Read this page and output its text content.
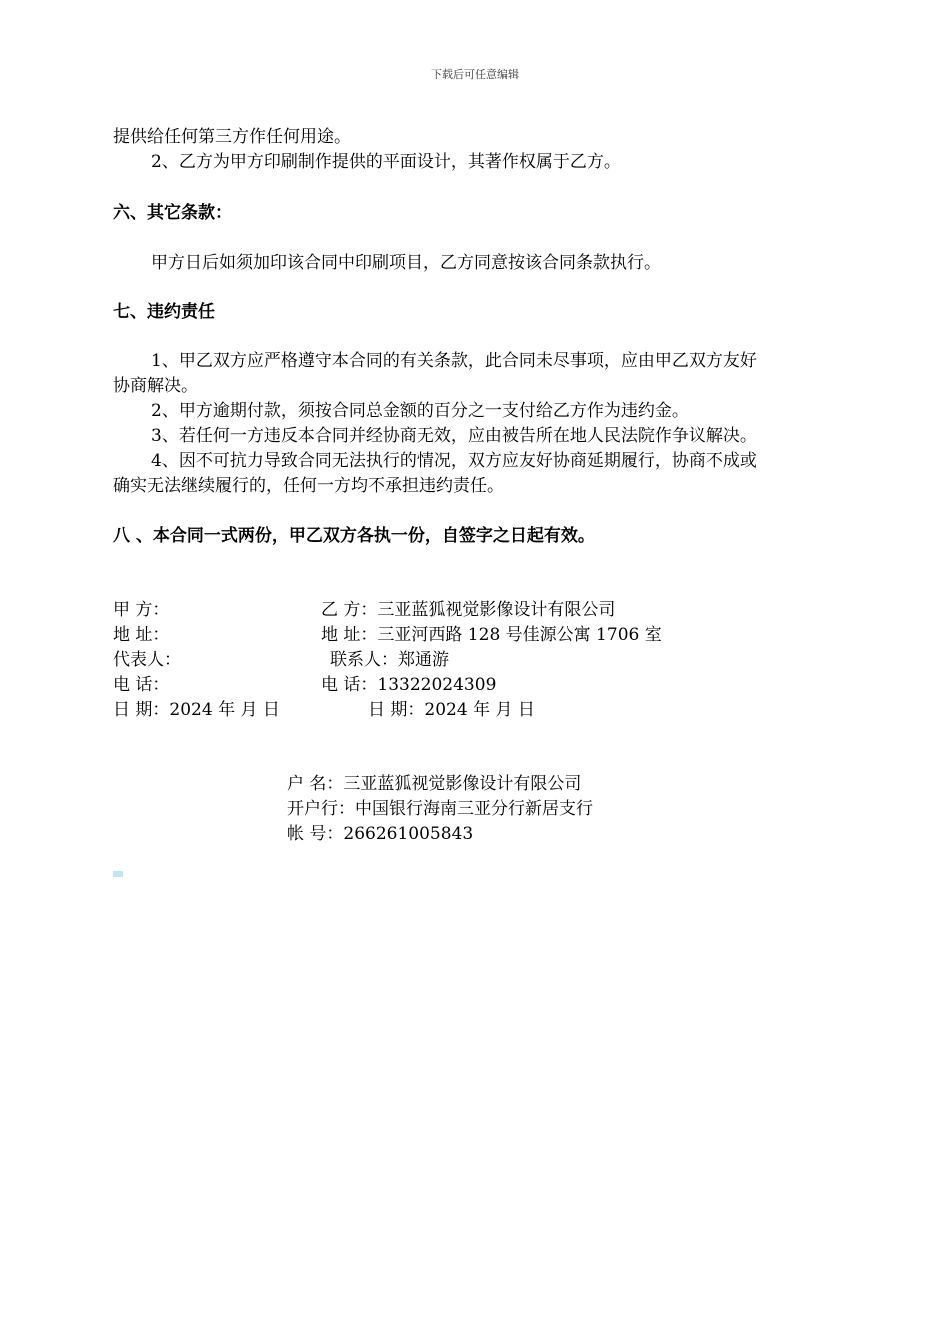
下载后可任意编辑
提供给任何第三方作任何用途。
2、乙方为甲方印刷制作提供的平面设计，其著作权属于乙方。
六、其它条款：
甲方日后如须加印该合同中印刷项目，乙方同意按该合同条款执行。
七、违约责任
1、甲乙双方应严格遵守本合同的有关条款，此合同未尽事项，应由甲乙双方友好
协商解决。
2、甲方逾期付款，须按合同总金额的百分之一支付给乙方作为违约金。
3、若任何一方违反本合同并经协商无效，应由被告所在地人民法院作争议解决。
4、因不可抗力导致合同无法执行的情况，双方应友好协商延期履行，协商不成或
确实无法继续履行的，任何一方均不承担违约责任。
八 、本合同一式两份，甲乙双方各执一份，自签字之日起有效。
甲 方：
地 址：
代表人：
电 话：
日 期：2024 年 月 日
乙 方：三亚蓝狐视觉影像设计有限公司
地 址：三亚河西路 128 号佳源公寓 1706 室
联系人：郑通游
电 话：13322024309
日 期：2024 年 月 日
户 名：三亚蓝狐视觉影像设计有限公司
开户行：中国银行海南三亚分行新居支行
帐 号：266261005843
